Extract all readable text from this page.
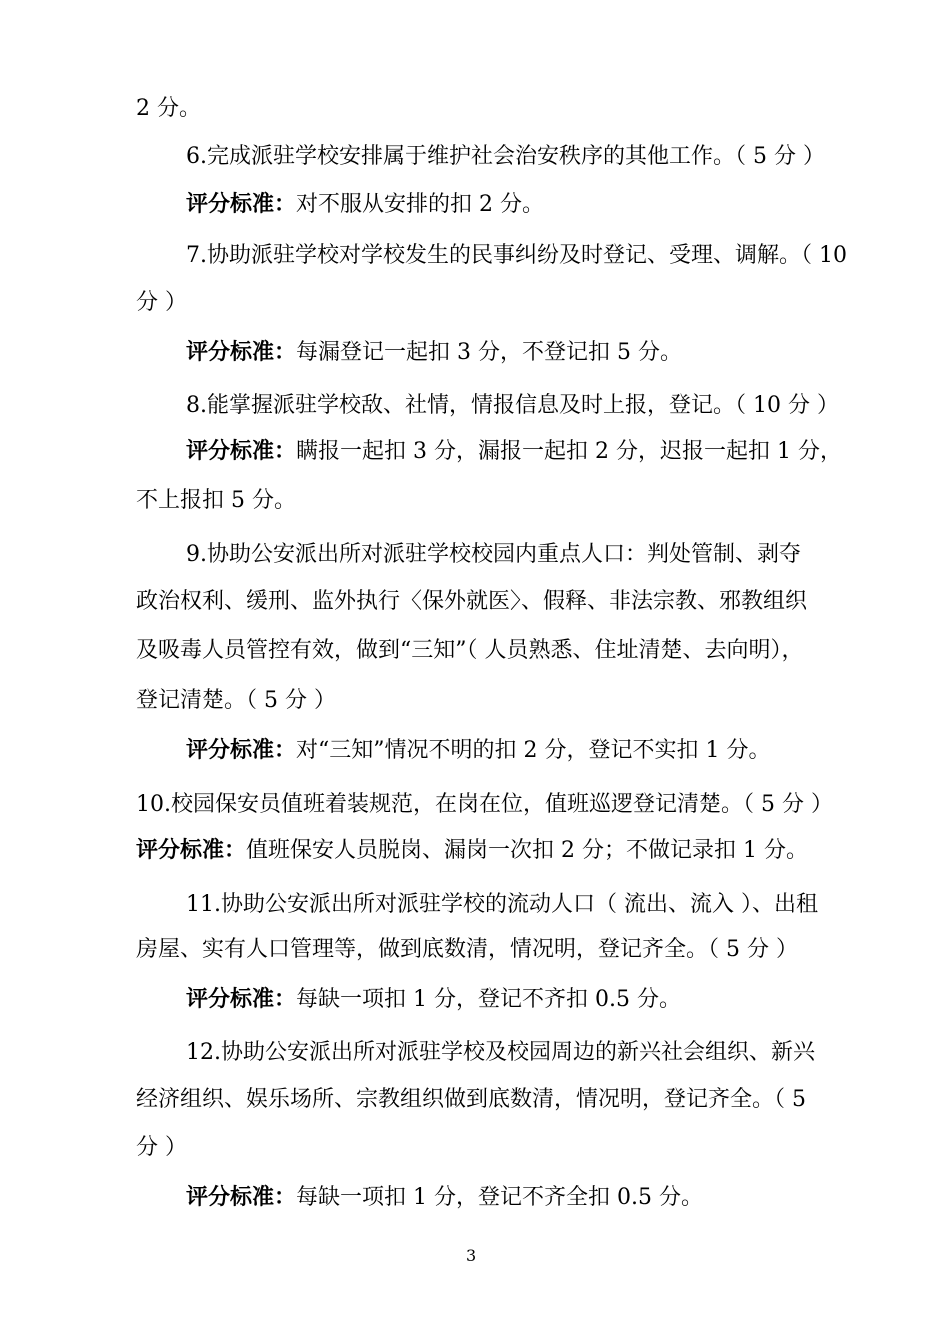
2 分。
6.完成派驻学校安排属于维护社会治安秩序的其他工作。（ 5 分 ）
评分标准：对不服从安排的扣 2 分。
7.协助派驻学校对学校发生的民事纠纷及时登记、受理、调解。（ 10
分 ）
评分标准：每漏登记一起扣 3 分，不登记扣 5 分。
8.能掌握派驻学校敌、社情，情报信息及时上报，登记。（ 10 分 ）
评分标准：瞒报一起扣 3 分，漏报一起扣 2 分，迟报一起扣 1 分，
不上报扣 5 分。
9.协助公安派出所对派驻学校校园内重点人口：判处管制、剥夺
政治权利、缓刑、监外执行〈保外就医〉、假释、非法宗教、邪教组织
及吸毒人员管控有效，做到“三知”（ 人员熟悉、住址清楚、去向明），
登记清楚。（ 5 分 ）
评分标准：对“三知”情况不明的扣 2 分，登记不实扣 1 分。
10.校园保安员值班着装规范，在岗在位，值班巡逻登记清楚。（ 5 分 ）
评分标准：值班保安人员脱岗、漏岗一次扣 2 分；不做记录扣 1 分。
11.协助公安派出所对派驻学校的流动人口（ 流出、流入 ）、出租
房屋、实有人口管理等，做到底数清，情况明，登记齐全。（ 5 分 ）
评分标准：每缺一项扣 1 分，登记不齐扣 0.5 分。
12.协助公安派出所对派驻学校及校园周边的新兴社会组织、新兴
经济组织、娱乐场所、宗教组织做到底数清，情况明，登记齐全。（ 5
分 ）
评分标准：每缺一项扣 1 分，登记不齐全扣 0.5 分。
3
